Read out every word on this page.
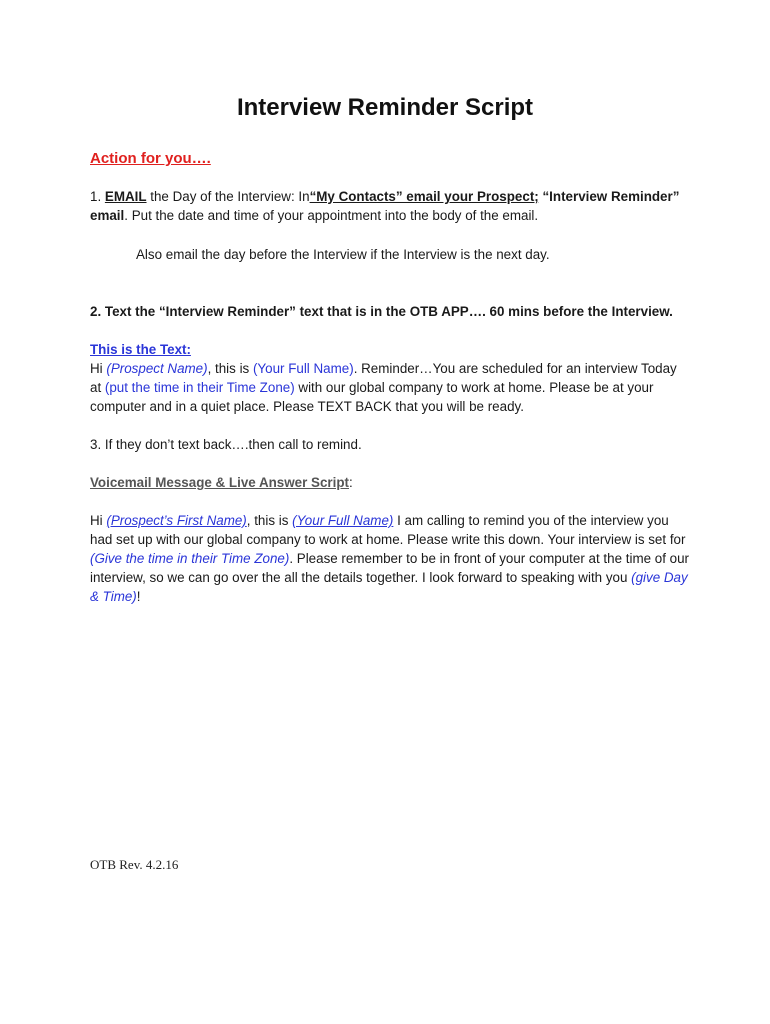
Interview Reminder Script
Action for you….
1. EMAIL the Day of the Interview: In“My Contacts” email your Prospect; “Interview Reminder” email. Put the date and time of your appointment into the body of the email.
Also email the day before the Interview if the Interview is the next day.
2. Text the “Interview Reminder” text that is in the OTB APP…. 60 mins before the Interview.
This is the Text:
Hi (Prospect Name), this is (Your Full Name). Reminder…You are scheduled for an interview Today at (put the time in their Time Zone) with our global company to work at home. Please be at your computer and in a quiet place. Please TEXT BACK that you will be ready.
3. If they don’t text back….then call to remind.
Voicemail Message & Live Answer Script:
Hi (Prospect’s First Name), this is (Your Full Name) I am calling to remind you of the interview you had set up with our global company to work at home. Please write this down. Your interview is set for (Give the time in their Time Zone). Please remember to be in front of your computer at the time of our interview, so we can go over the all the details together. I look forward to speaking with you (give Day & Time)!
OTB Rev. 4.2.16
